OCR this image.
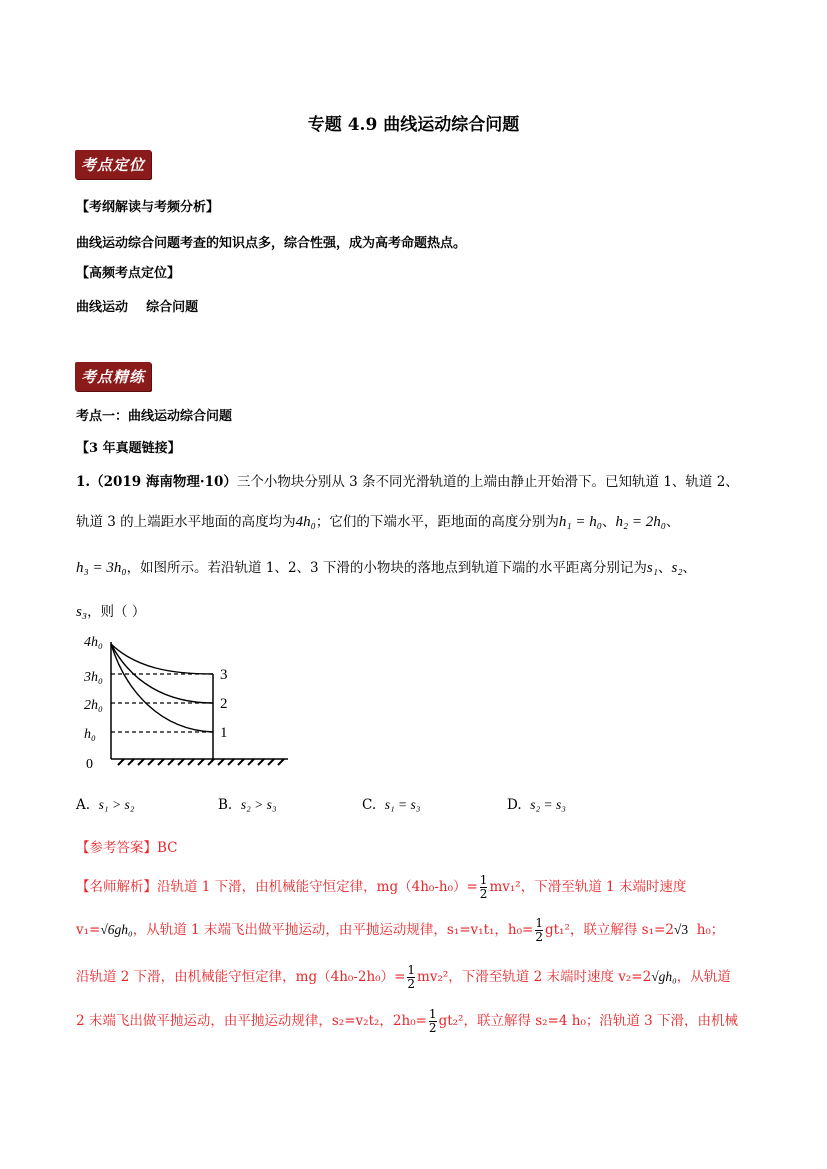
专题 4.9 曲线运动综合问题
考点定位
【考纲解读与考频分析】
曲线运动综合问题考查的知识点多，综合性强，成为高考命题热点。
【高频考点定位】
曲线运动    综合问题
考点精练
考点一：曲线运动综合问题
【3 年真题链接】
1.（2019 海南物理·10）三个小物块分别从 3 条不同光滑轨道的上端由静止开始滑下。已知轨道 1、轨道 2、
轨道 3 的上端距水平地面的高度均为4h₀；它们的下端水平，距地面的高度分别为h₁ = h₀、h₂ = 2h₀、
h₃ = 3h₀，如图所示。若沿轨道 1、2、3 下滑的小物块的落地点到轨道下端的水平距离分别记为s₁、s₂、
s₃，则（ ）
4h₀
3h₀
2h₀
h₀
0
3
2
1
A. s₁ > s₂	B. s₂ > s₃	C. s₁ = s₃	D. s₂ = s₃
【参考答案】BC
【名师解析】沿轨道 1 下滑，由机械能守恒定律，$mg(4h_0-h_0)= \frac{1}{2} mv_1^2$，下滑至轨道 1 末端时速度
v₁=√6gh₀，从轨道 1 末端飞出做平抛运动，由平抛运动规律，s₁=v₁t₁，$h_0= \frac{1}{2} gt_1^2$，联立解得 s₁=2√3 h₀；
沿轨道 2 下滑，由机械能守恒定律，$mg(4h_0-2h_0)= \frac{1}{2} mv_2^2$，下滑至轨道 2 末端时速度 v₂=2√gh₀，从轨道
2 末端飞出做平抛运动，由平抛运动规律，s₂=v₂t₂，$2h_0= \frac{1}{2} gt_2^2$，联立解得 s₂=4 h₀；沿轨道 3 下滑，由机械
